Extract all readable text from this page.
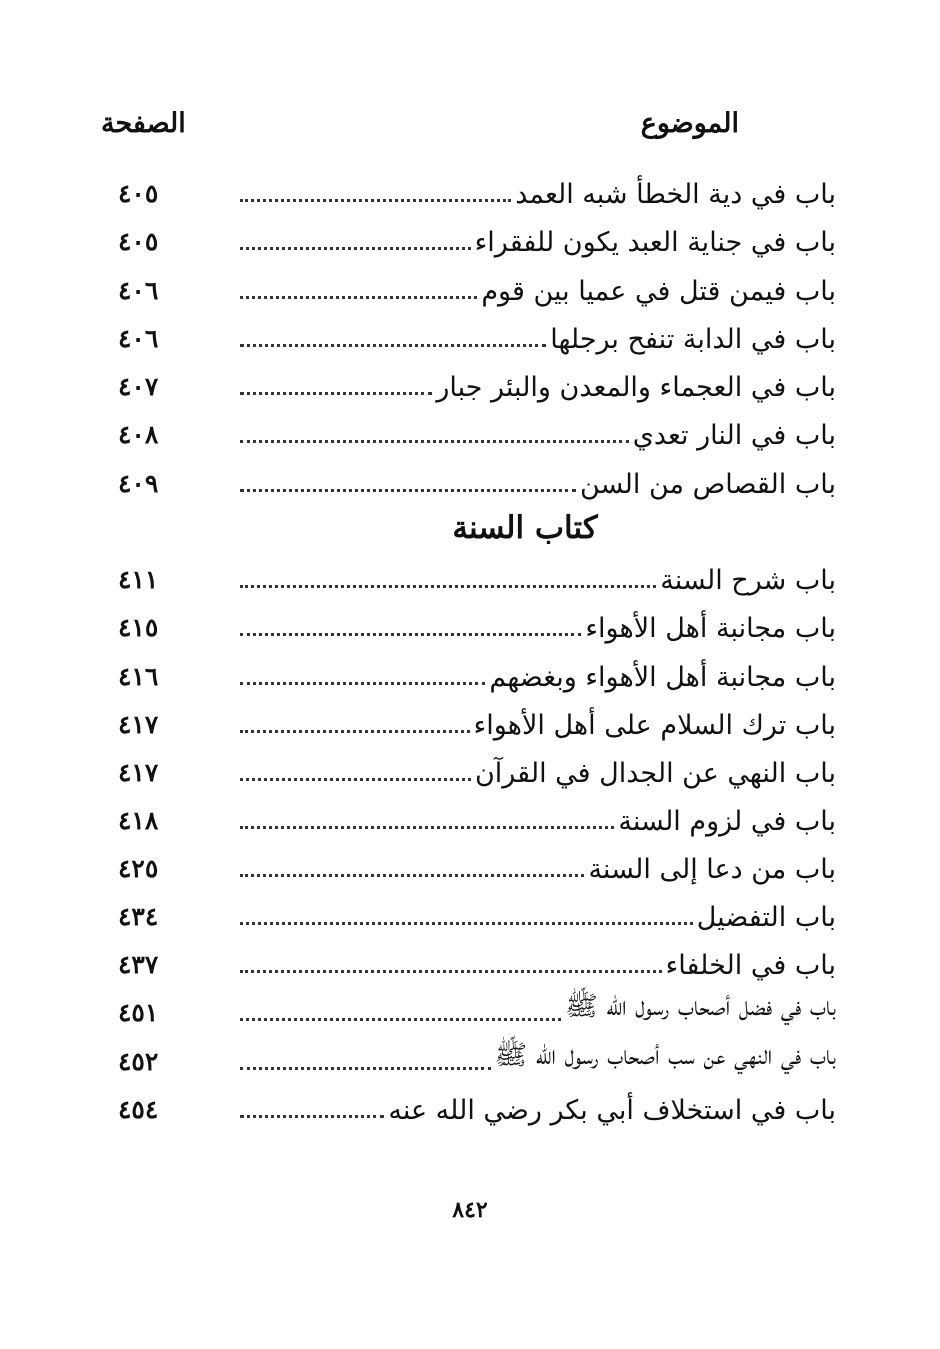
الموضوع
الصفحة
٤٠٥	باب في دية الخطأ شبه العمد
٤٠٥	باب في جناية العبد يكون للفقراء
٤٠٦	باب فيمن قتل في عميا بين قوم
٤٠٦	باب في الدابة تنفح برجلها
٤٠٧	باب في العجماء والمعدن والبئر جبار
٤٠٨	باب في النار تعدي
٤٠٩	باب القصاص من السن
كتاب السنة
٤١١	باب شرح السنة
٤١٥	باب مجانبة أهل الأهواء
٤١٦	باب مجانبة أهل الأهواء وبغضهم
٤١٧	باب ترك السلام على أهل الأهواء
٤١٧	باب النهي عن الجدال في القرآن
٤١٨	باب في لزوم السنة
٤٢٥	باب من دعا إلى السنة
٤٣٤	باب التفضيل
٤٣٧	باب في الخلفاء
٤٥١	باب في فضل أصحاب رسول الله ﷺ
٤٥٢	باب في النهي عن سب أصحاب رسول الله ﷺ
٤٥٤	باب في استخلاف أبي بكر رضي الله عنه
٨٤٢
